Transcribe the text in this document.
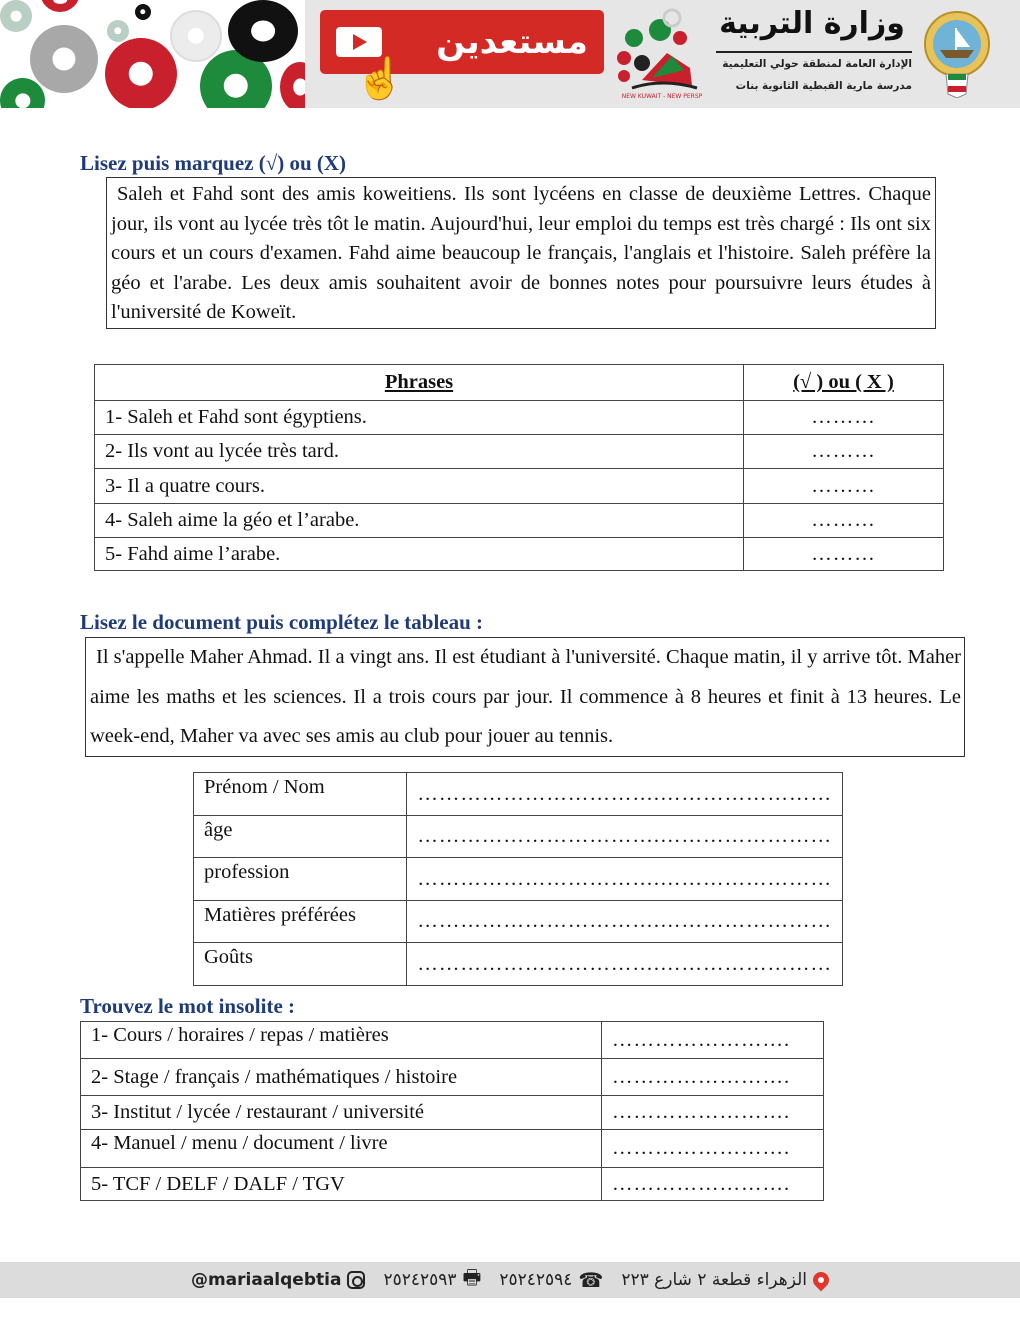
مستعدين
☝	NEW KUWAIT - NEW PERSP
وزارة التربية
الإدارة العامة لمنطقة حولي التعليمية
مدرسة مارية القبطية الثانوية بنات
Lisez puis marquez (√) ou (X)

Saleh et Fahd sont des amis koweitiens. Ils sont lycéens en classe de deuxième Lettres. Chaque jour, ils vont au lycée très tôt le matin. Aujourd'hui, leur emploi du temps est très chargé : Ils ont six cours et un cours d'examen. Fahd aime beaucoup le français, l'anglais et l'histoire. Saleh préfère la géo et l'arabe. Les deux amis souhaitent avoir de bonnes notes pour poursuivre leurs études à l'université de Koweït.

Phrases	(√ ) ou ( X )
1- Saleh et Fahd sont égyptiens.	………
2- Ils vont au lycée très tard.	………
3- Il a quatre cours.	………
4- Saleh aime la géo et l’arabe.	………
5- Fahd aime l’arabe.	………
Lisez le document puis complétez le tableau :

Il s'appelle Maher Ahmad. Il a vingt ans. Il est étudiant à l'université. Chaque matin, il y arrive tôt. Maher aime les maths et les sciences. Il a trois cours par jour. Il commence à 8 heures et finit à 13 heures. Le week-end, Maher va avec ses amis au club pour jouer au tennis.

Prénom / Nom	…………………………….……………………
âge	…………………………….……………………
profession	…………………………….……………………
Matières préférées	…………………………….……………………
Goûts	…………………………….……………………
Trouvez le mot insolite :
1- Cours / horaires / repas / matières	…………………….
2- Stage / français / mathématiques / histoire	…………………….
3- Institut / lycée / restaurant / université	…………………….
4- Manuel / menu / document / livre	…………………….
5- TCF / DELF / DALF / TGV	…………………….
@mariaalqebtia ٢٥٢٤٢٥٩٣ 🖶 ٢٥٢٤٢٥٩٤ ☎ الزهراء قطعة ٢ شارع ٢٢٣
